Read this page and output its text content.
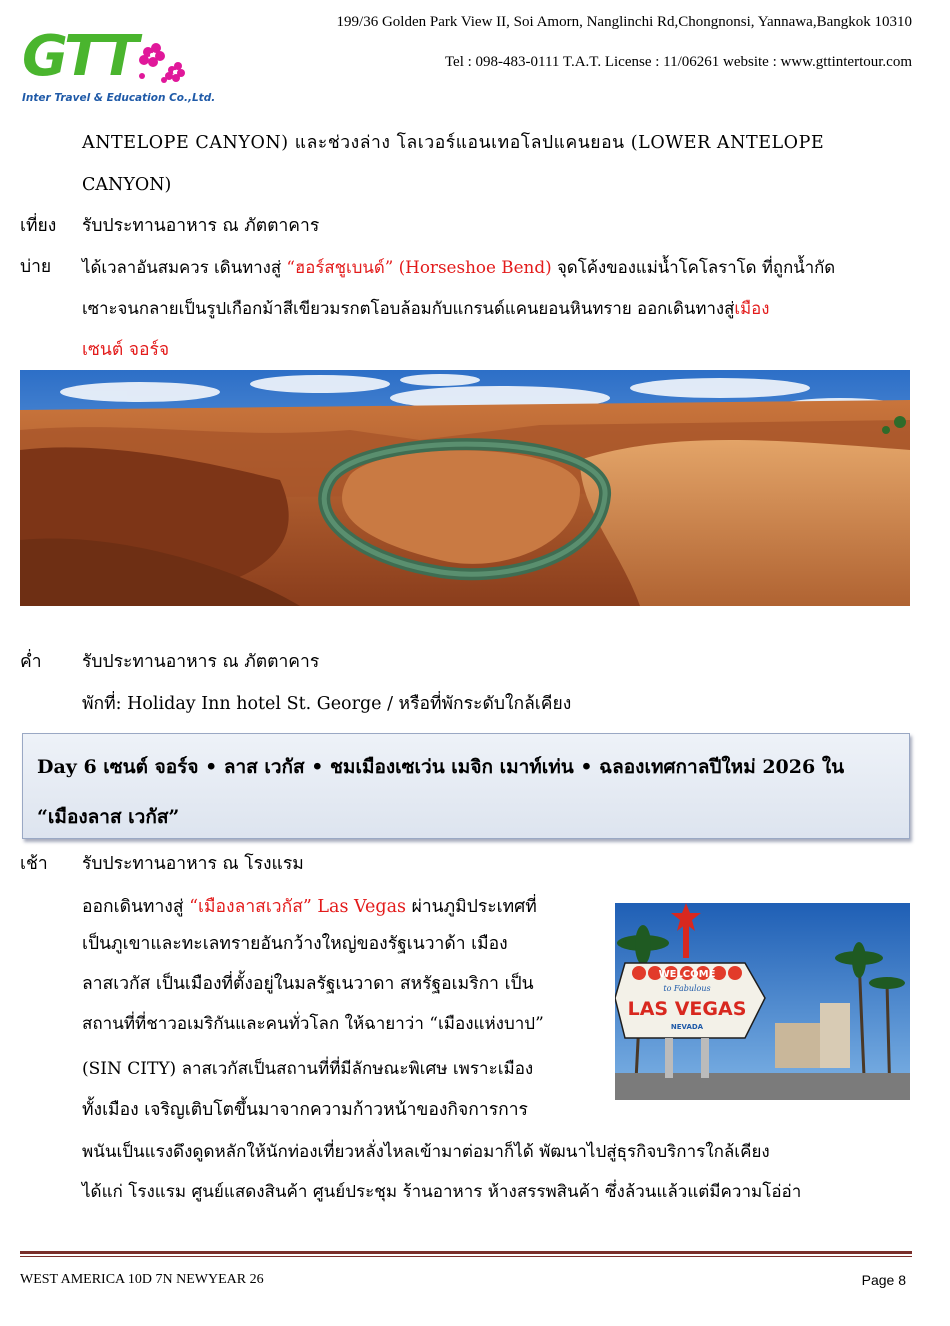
GTT
Inter Travel & Education Co.,Ltd.
199/36 Golden Park View II, Soi Amorn, Nanglinchi Rd,Chongnonsi, Yannawa,Bangkok 10310
Tel : 098-483-0111 T.A.T. License : 11/06261 website : www.gttintertour.com
ANTELOPE CANYON) และช่วงล่าง โลเวอร์แอนเทอโลปแคนยอน (LOWER ANTELOPE
CANYON)
เที่ยง รับประทานอาหาร ณ ภัตตาคาร
บ่าย ได้เวลาอันสมควร เดินทางสู่ “ฮอร์สชูเบนด์” (Horseshoe Bend) จุดโค้งของแม่น้ำโคโลราโด ที่ถูกน้ำกัด
เซาะจนกลายเป็นรูปเกือกม้าสีเขียวมรกตโอบล้อมกับแกรนด์แคนยอนหินทราย ออกเดินทางสู่เมือง
เซนต์ จอร์จ
ค่ำ รับประทานอาหาร ณ ภัตตาคาร
พักที่: Holiday Inn hotel St. George / หรือที่พักระดับใกล้เคียง
Day 6 เซนต์ จอร์จ • ลาส เวกัส • ชมเมืองเซเว่น เมจิก เมาท์เท่น • ฉลองเทศกาลปีใหม่ 2026 ใน
“เมืองลาส เวกัส”
เช้า รับประทานอาหาร ณ โรงแรม
ออกเดินทางสู่ “เมืองลาสเวกัส” Las Vegas ผ่านภูมิประเทศที่
เป็นภูเขาและทะเลทรายอันกว้างใหญ่ของรัฐเนวาด้า เมือง
ลาสเวกัส เป็นเมืองที่ตั้งอยู่ในมลรัฐเนวาดา สหรัฐอเมริกา เป็น
สถานที่ที่ชาวอเมริกันและคนทั่วโลก ให้ฉายาว่า “เมืองแห่งบาป”
(SIN CITY) ลาสเวกัสเป็นสถานที่ที่มีลักษณะพิเศษ เพราะเมือง
ทั้งเมือง เจริญเติบโตขึ้นมาจากความก้าวหน้าของกิจการการ
พนันเป็นแรงดึงดูดหลักให้นักท่องเที่ยวหลั่งไหลเข้ามาต่อมาก็ได้ พัฒนาไปสู่ธุรกิจบริการใกล้เคียง
ได้แก่ โรงแรม ศูนย์แสดงสินค้า ศูนย์ประชุม ร้านอาหาร ห้างสรรพสินค้า ซึ่งล้วนแล้วแต่มีความโอ่อ่า
WELCOME
to Fabulous
LAS VEGAS
NEVADA
WEST AMERICA 10D 7N NEWYEAR 26	Page 8
